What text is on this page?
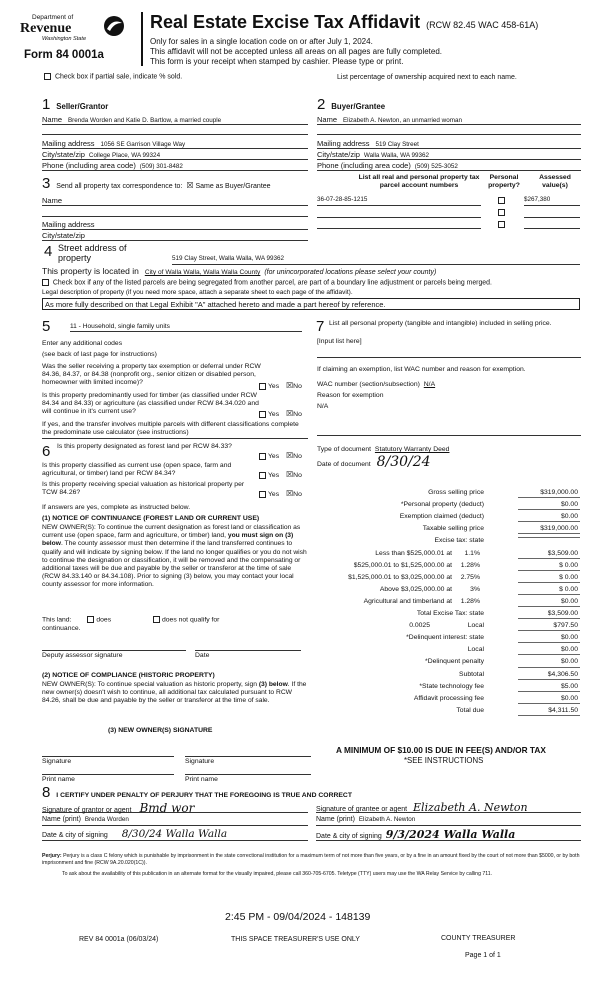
Department of
Revenue
Washington State
Form 84 0001a
Real Estate Excise Tax Affidavit (RCW 82.45 WAC 458-61A)
Only for sales in a single location code on or after July 1, 2024.
This affidavit will not be accepted unless all areas on all pages are fully completed.
This form is your receipt when stamped by cashier. Please type or print.
Check box if partial sale, indicate % sold.	List percentage of ownership acquired next to each name.
1 Seller/Grantor
Name Brenda Worden and Katie D. Bartlow, a married couple
Mailing address 1056 SE Garrison Village Way
City/state/zip College Place, WA 99324
Phone (including area code) (509) 301-8482
2 Buyer/Grantee
Name Elizabeth A. Newton, an unmarried woman
Mailing address 519 Clay Street
City/state/zip Walla Walla, WA 99362
Phone (including area code) (509) 525-3052
3 Send all property tax correspondence to: ☒ Same as Buyer/Grantee
Name
Mailing address
City/state/zip
List all real and personal property tax parcel account numbers
Personal property?
Assessed value(s)
36-07-28-85-1215	$267,380
4 Street address of property	519 Clay Street, Walla Walla, WA 99362
This property is located in City of Walla Walla, Walla Walla County (for unincorporated locations please select your county)
Check box if any of the listed parcels are being segregated from another parcel, are part of a boundary line adjustment or parcels being merged.
Legal description of property (if you need more space, attach a separate sheet to each page of the affidavit).
As more fully described on that Legal Exhibit "A" attached hereto and made a part hereof by reference.
5	11 - Household, single family units
Enter any additional codes
(see back of last page for instructions)
Was the seller receiving a property tax exemption or deferral under RCW 84.36, 84.37, or 84.38 (nonprofit org., senior citizen or disabled person, homeowner with limited income)?
Yes ☒No
Is this property predominantly used for timber (as classified under RCW 84.34 and 84.33) or agriculture (as classified under RCW 84.34.020 and will continue in it's current use?	Yes ☒No
If yes, and the transfer involves multiple parcels with different classifications complete the predominate use calculator (see instructions)
6 Is this property designated as forest land per RCW 84.33?
Yes ☒No
Is this property classified as current use (open space, farm and agricultural, or timber) land per RCW 84.34?	Yes ☒No
Is this property receiving special valuation as historical property per TCW 84.26?	Yes ☒No
If answers are yes, complete as instructed below.
(1) NOTICE OF CONTINUANCE (FOREST LAND OR CURRENT USE)
NEW OWNER(S): To continue the current designation as forest land or classification as current use (open space, farm and agriculture, or timber) land, you must sign on (3) below. The county assessor must then determine if the land transferred continues to qualify and will indicate by signing below. If the land no longer qualifies or you do not wish to continue the designation or classification, it will be removed and the compensating or additional taxes will be due and payable by the seller or transferor at the time of sale (RCW 84.33.140 or 84.34.108). Prior to signing (3) below, you may contact your local county assessor for more information.
This land:	does	does not qualify for
continuance.
Deputy assessor signature	Date
(2) NOTICE OF COMPLIANCE (HISTORIC PROPERTY)
NEW OWNER(S): To continue special valuation as historic property, sign (3) below. If the new owner(s) doesn't wish to continue, all additional tax calculated pursuant to RCW 84.26, shall be due and payable by the seller or transferor at the time of sale.
(3) NEW OWNER(S) SIGNATURE
Signature	Signature
Print name	Print name
7 List all personal property (tangible and intangible) included in selling price.
[Input list here]
If claiming an exemption, list WAC number and reason for exemption.
WAC number (section/subsection) N/A
Reason for exemption
N/A
Type of document Statutory Warranty Deed
Date of document 8/30/24
Gross selling price	$319,000.00
*Personal property (deduct)	$0.00
Exemption claimed (deduct)	$0.00
Taxable selling price	$319,000.00
Excise tax: state
Less than $525,000.01 at 1.1%	$3,509.00
$525,000.01 to $1,525,000.00 at 1.28%	$ 0.00
$1,525,000.01 to $3,025,000.00 at 2.75%	$ 0.00
Above $3,025,000.00 at	3%	$ 0.00
Agricultural and timberland at 1.28%	$0.00
Total Excise Tax: state	$3,509.00
Local
0.0025	$797.50
*Delinquent interest: state	$0.00
Local	$0.00
*Delinquent penalty	$0.00
Subtotal	$4,306.50
*State technology fee	$5.00
Affidavit processing fee	$0.00
Total due	$4,311.50
A MINIMUM OF $10.00 IS DUE IN FEE(S) AND/OR TAX
*SEE INSTRUCTIONS
8 I CERTIFY UNDER PENALTY OF PERJURY THAT THE FOREGOING IS TRUE AND CORRECT
Signature of grantor or agent Bmd wor
Name (print) Brenda Worden
Date & city of signing 8/30/24 Walla Walla
Signature of grantee or agent Elizabeth A. Newton
Name (print) Elizabeth A. Newton
Date & city of signing 9/3/2024 Walla Walla
Perjury: Perjury is a class C felony which is punishable by imprisonment in the state correctional institution for a maximum term of not more than five years, or by a fine in an amount fixed by the court of not more than $5000, or by both imprisonment and fine (RCW 9A.20.020(1C)).
To ask about the availability of this publication in an alternate format for the visually impaired, please call 360-705-6705. Teletype (TTY) users may use the WA Relay Service by calling 711.
2:45 PM - 09/04/2024 - 148139
REV 84 0001a (06/03/24)	THIS SPACE TREASURER'S USE ONLY	COUNTY TREASURER
Page 1 of 1
